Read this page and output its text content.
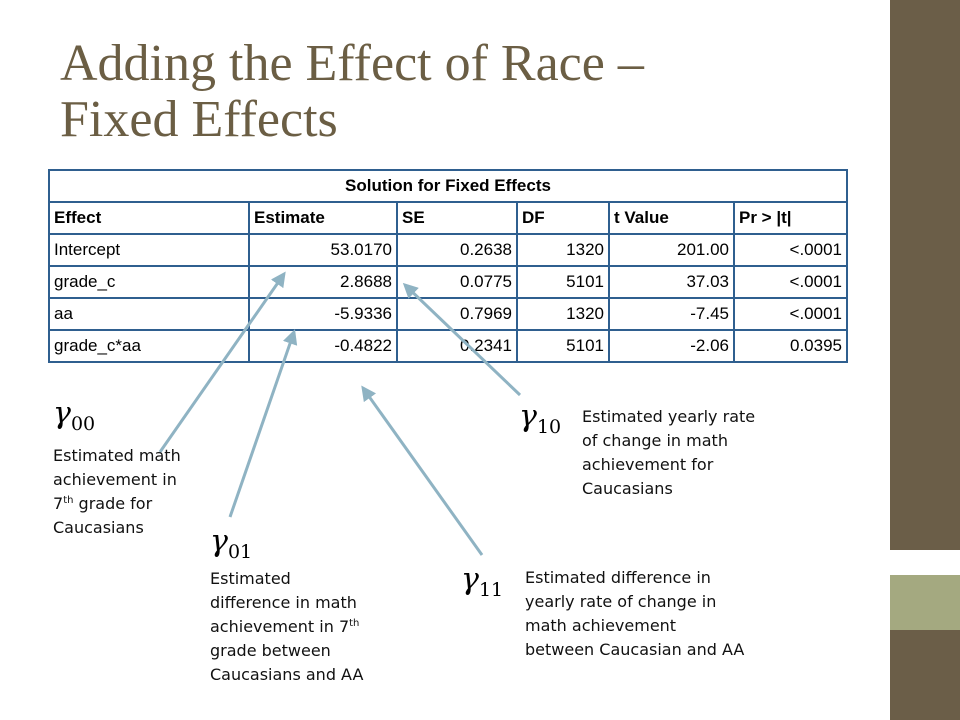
Adding the Effect of Race –
Fixed Effects
Solution for Fixed Effects					
Effect	Estimate	SE	DF	t Value	Pr > |t|
Intercept	53.0170	0.2638	1320	201.00	<.0001
grade_c	2.8688	0.0775	5101	37.03	<.0001
aa	-5.9336	0.7969	1320	-7.45	<.0001
grade_c*aa	-0.4822	0.2341	5101	-2.06	0.0395
$\gamma_{00}$
$\gamma_{01}$
$\gamma_{10}$
$\gamma_{11}$

Estimated math
achievement in
7th grade for
Caucasians

Estimated
difference in math
achievement in 7th
grade between
Caucasians and AA

Estimated yearly rate
of change in math
achievement for
Caucasians

Estimated difference in
yearly rate of change in
math achievement
between Caucasian and AA
